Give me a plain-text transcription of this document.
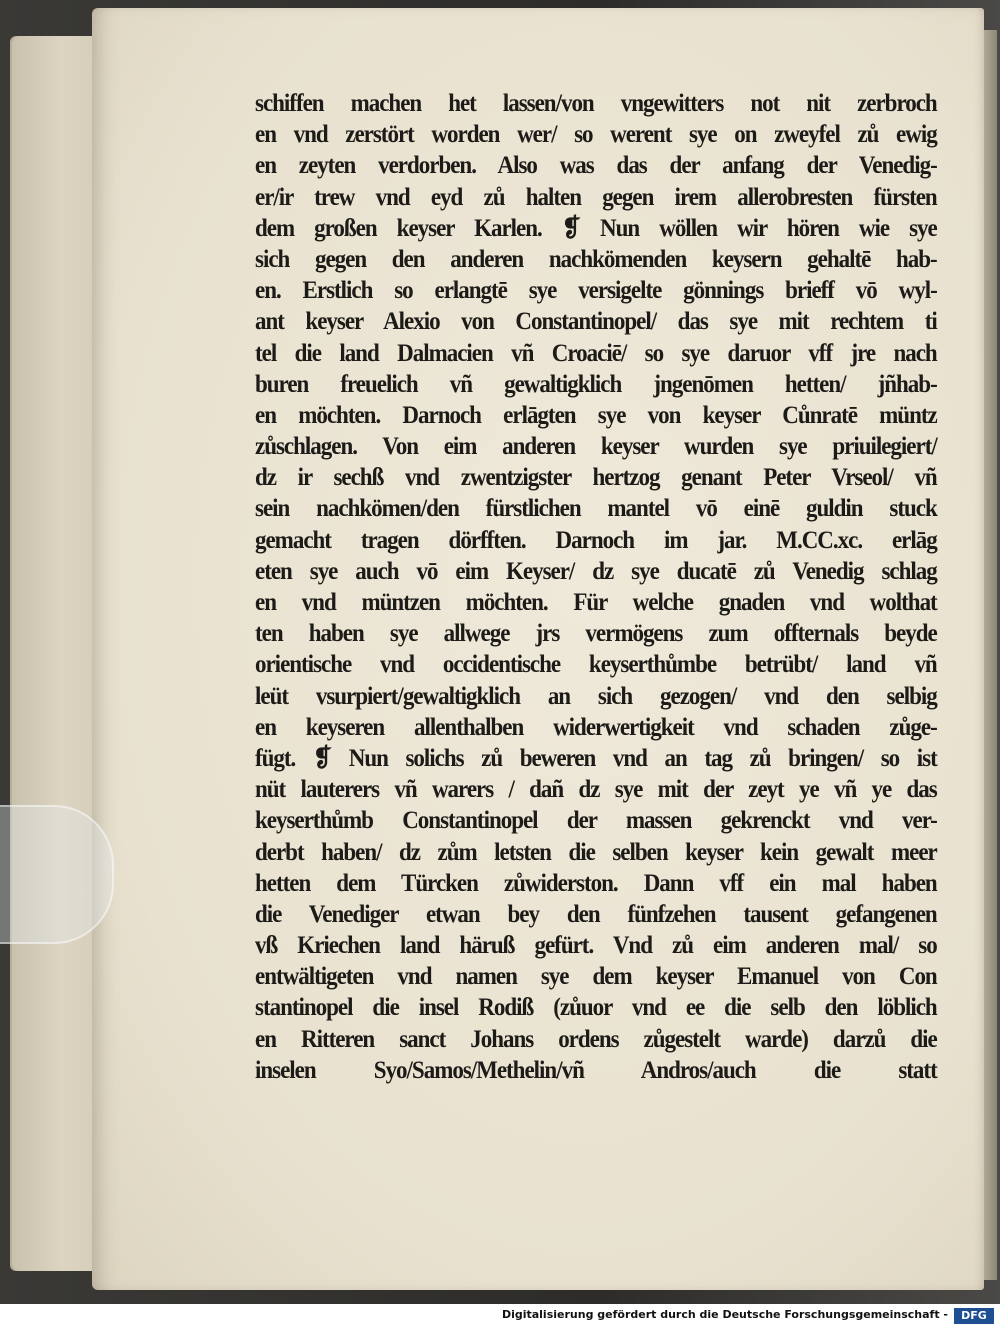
schiffen machen het lassen/von vngewitters not nit zerbroch
en vnd zerstört worden wer/ so werent sye on zweyfel zů ewig
en zeyten verdorben. Also was das der anfang der Venedig-
er/ir trew vnd eyd zů halten gegen irem allerobresten fürsten
dem großen keyser Karlen. ❡ Nun wöllen wir hören wie sye
sich gegen den anderen nachkömenden keysern gehaltē hab-
en. Erstlich so erlangtē sye versigelte gönnings brieff vō wyl-
ant keyser Alexio von Constantinopel/ das sye mit rechtem ti
tel die land Dalmacien vñ Croaciē/ so sye daruor vff jre nach
buren freuelich vñ gewaltigklich jngenōmen hetten/ jñhab-
en möchten. Darnoch erlāgten sye von keyser Cůnratē müntz
zůschlagen. Von eim anderen keyser wurden sye priuilegiert/
dz ir sechß vnd zwentzigster hertzog genant Peter Vrseol/ vñ
sein nachkömen/den fürstlichen mantel vō einē guldin stuck
gemacht tragen dörfften. Darnoch im jar. M.CC.xc. erlāg
eten sye auch vō eim Keyser/ dz sye ducatē zů Venedig schlag
en vnd müntzen möchten. Für welche gnaden vnd wolthat
ten haben sye allwege jrs vermögens zum offternals beyde
orientische vnd occidentische keyserthůmbe betrübt/ land vñ
leüt vsurpiert/gewaltigklich an sich gezogen/ vnd den selbig
en keyseren allenthalben widerwertigkeit vnd schaden zůge-
fügt. ❡ Nun solichs zů beweren vnd an tag zů bringen/ so ist
nüt lauterers vñ warers / dañ dz sye mit der zeyt ye vñ ye das
keyserthůmb Constantinopel der massen gekrenckt vnd ver-
derbt haben/ dz zům letsten die selben keyser kein gewalt meer
hetten dem Türcken zůwiderston. Dann vff ein mal haben
die Venediger etwan bey den fünfzehen tausent gefangenen
vß Kriechen land häruß gefürt. Vnd zů eim anderen mal/ so
entwältigeten vnd namen sye dem keyser Emanuel von Con
stantinopel die insel Rodiß (zůuor vnd ee die selb den löblich
en Ritteren sanct Johans ordens zůgestelt warde) darzů die
inselen Syo/Samos/Methelin/vñ Andros/auch die statt
Digitalisierung gefördert durch die Deutsche Forschungsgemeinschaft -	DFG
